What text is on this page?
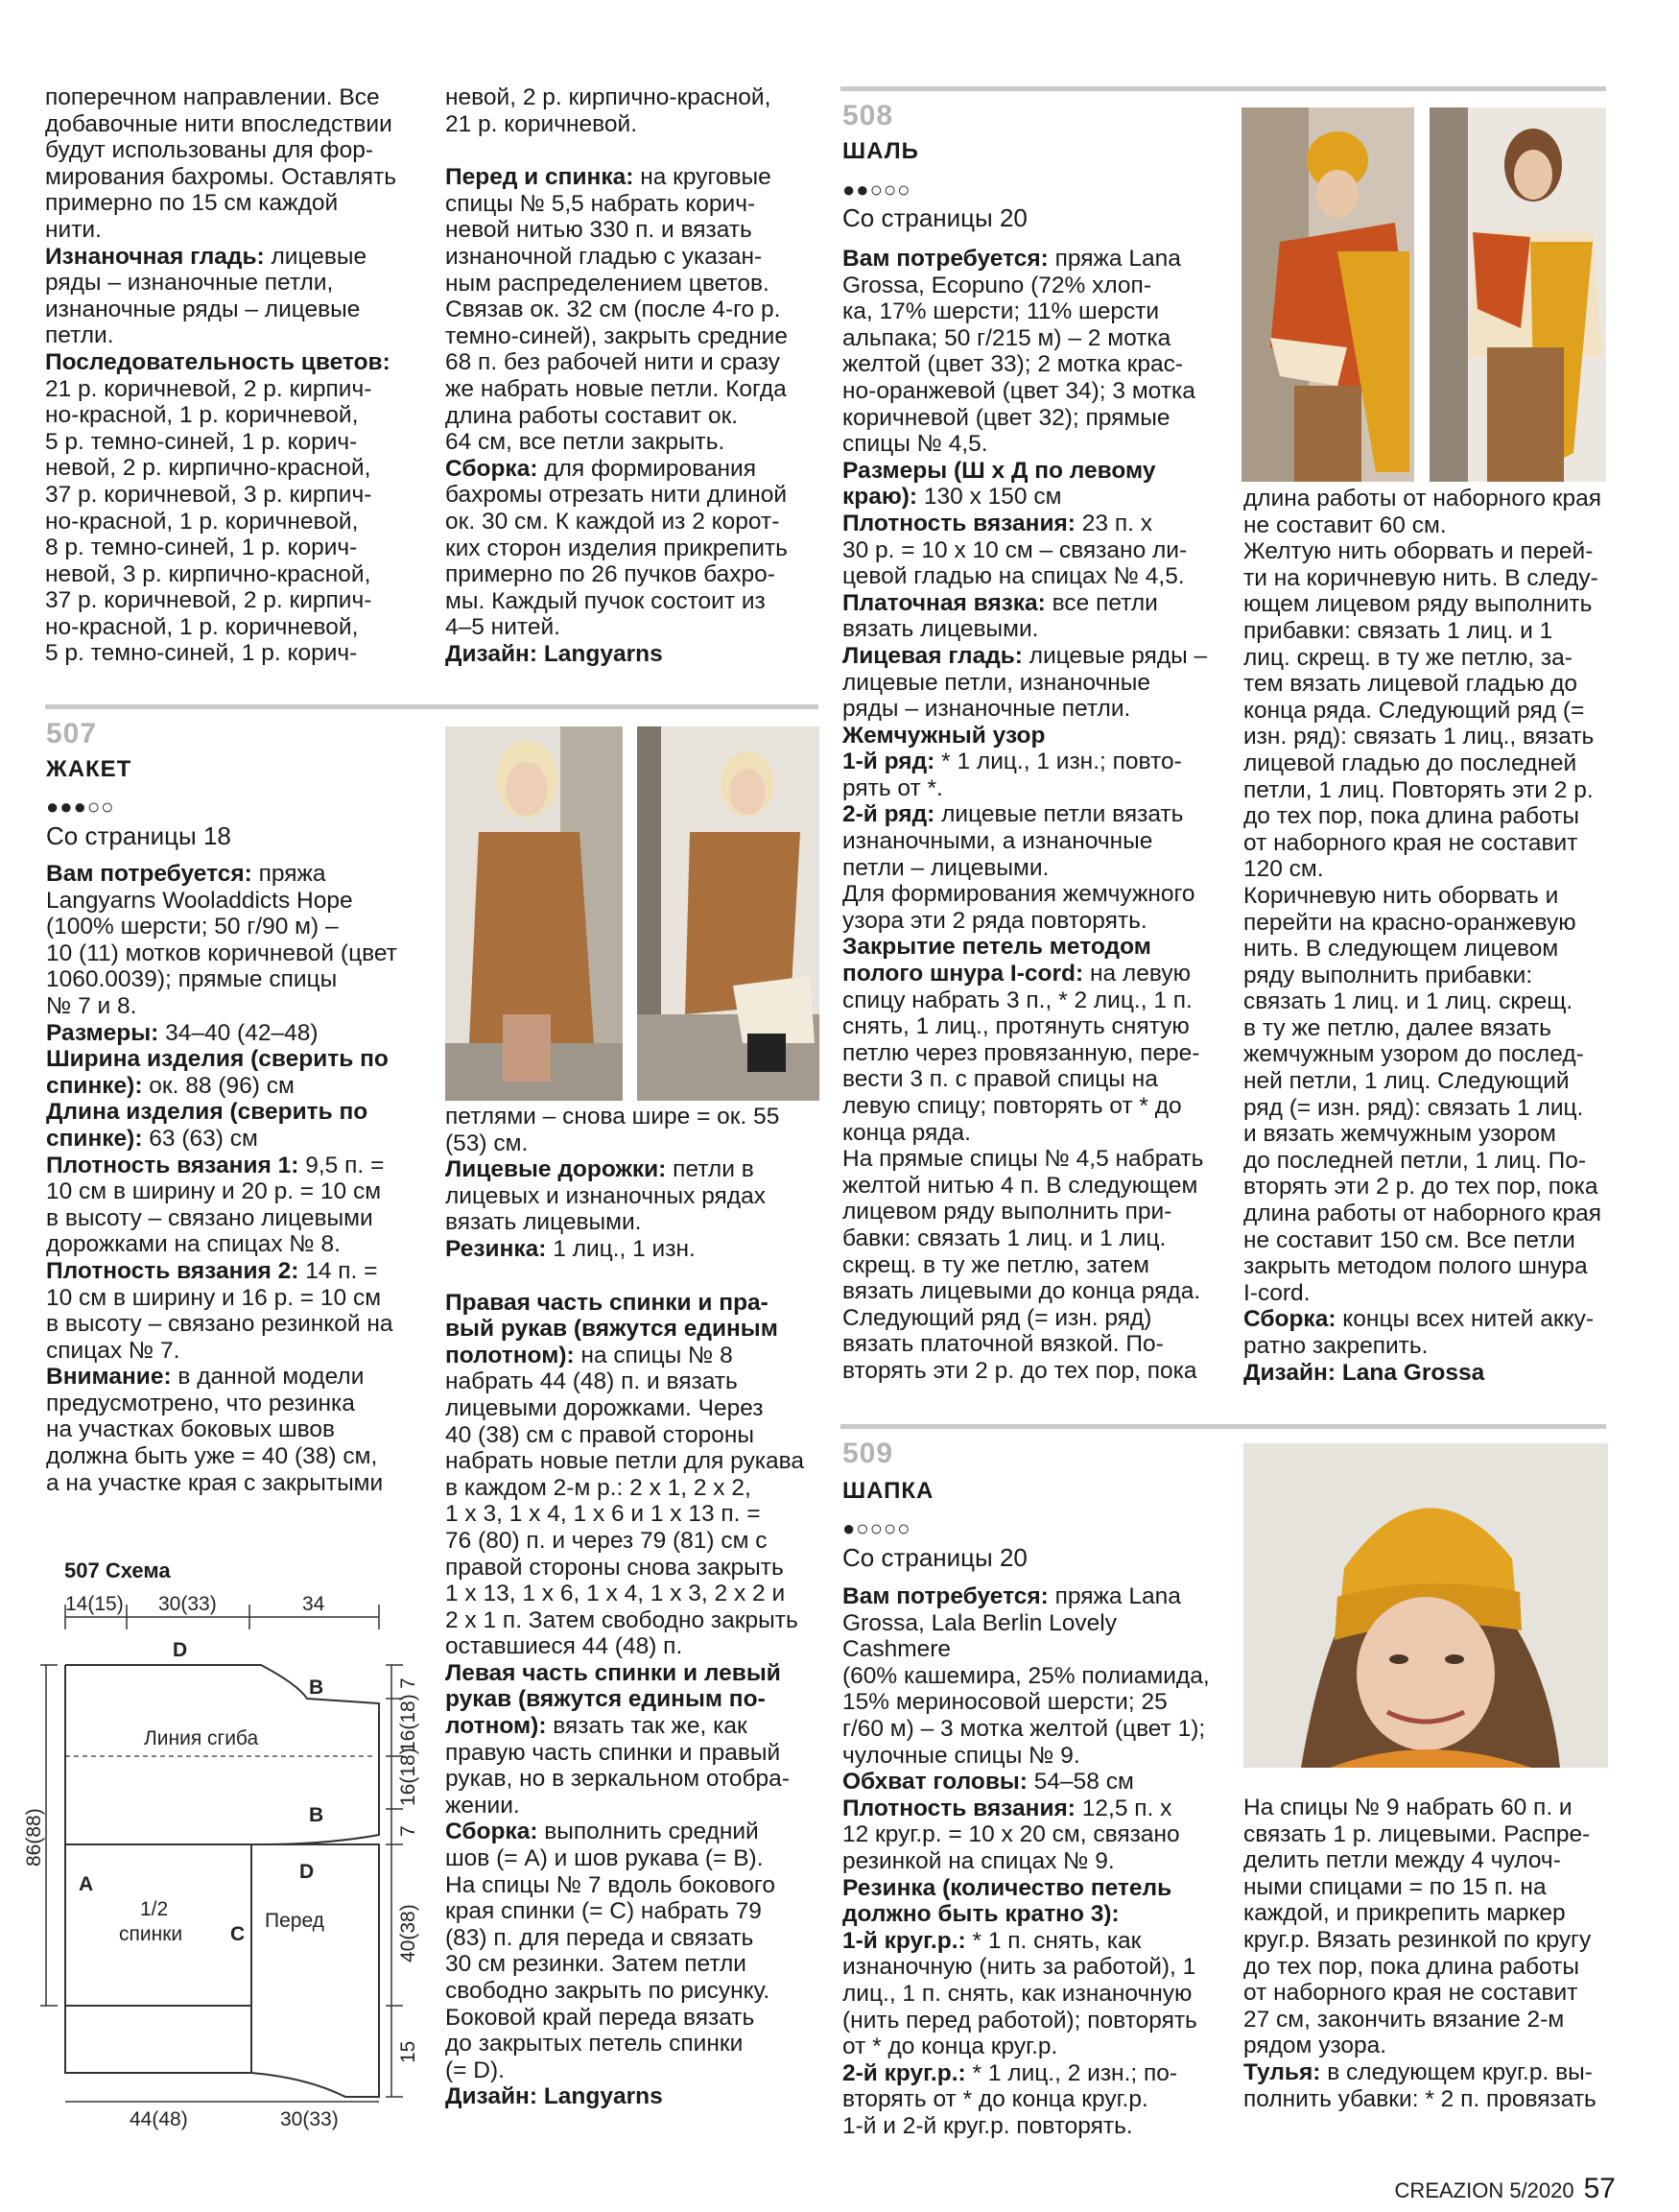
поперечном направлении. Все
добавочные нити впоследствии
будут использованы для фор-
мирования бахромы. Оставлять
примерно по 15 см каждой
нити.

Изнаночная гладь: лицевые
ряды – изнаночные петли,
изнаночные ряды – лицевые
петли.

Последовательность цветов:
21 р. коричневой, 2 р. кирпич-
но-красной, 1 р. коричневой,
5 р. темно-синей, 1 р. корич-
невой, 2 р. кирпично-красной,
37 р. коричневой, 3 р. кирпич-
но-красной, 1 р. коричневой,
8 р. темно-синей, 1 р. корич-
невой, 3 р. кирпично-красной,
37 р. коричневой, 2 р. кирпич-
но-красной, 1 р. коричневой,
5 р. темно-синей, 1 р. корич-

невой, 2 р. кирпично-красной,
21 р. коричневой.

Перед и спинка: на круговые
спицы № 5,5 набрать корич-
невой нитью 330 п. и вязать
изнаночной гладью с указан-
ным распределением цветов.
Связав ок. 32 см (после 4-го р.
темно-синей), закрыть средние
68 п. без рабочей нити и сразу
же набрать новые петли. Когда
длина работы составит ок.
64 см, все петли закрыть.

Сборка: для формирования
бахромы отрезать нити длиной
ок. 30 см. К каждой из 2 корот-
ких сторон изделия прикрепить
примерно по 26 пучков бахро-
мы. Каждый пучок состоит из
4–5 нитей.

Дизайн: Langyarns

508
ШАЛЬ
●●○○○
Со страницы 20

Вам потребуется: пряжа Lana
Grossa, Ecopuno (72% хлоп-
ка, 17% шерсти; 11% шерсти
альпака; 50 г/215 м) – 2 мотка
желтой (цвет 33); 2 мотка крас-
но-оранжевой (цвет 34); 3 мотка
коричневой (цвет 32); прямые
спицы № 4,5.

Размеры (Ш x Д по левому
краю): 130 x 150 см

Плотность вязания: 23 п. x
30 р. = 10 x 10 см – связано ли-
цевой гладью на спицах № 4,5.

Платочная вязка: все петли
вязать лицевыми.

Лицевая гладь: лицевые ряды –
лицевые петли, изнаночные
ряды – изнаночные петли.

Жемчужный узор

1-й ряд: * 1 лиц., 1 изн.; повто-
рять от *.

2-й ряд: лицевые петли вязать
изнаночными, а изнаночные
петли – лицевыми.

Для формирования жемчужного
узора эти 2 ряда повторять.

Закрытие петель методом
полого шнура I-cord: на левую
спицу набрать 3 п., * 2 лиц., 1 п.
снять, 1 лиц., протянуть снятую
петлю через провязанную, пере-
вести 3 п. с правой спицы на
левую спицу; повторять от * до
конца ряда.

На прямые спицы № 4,5 набрать
желтой нитью 4 п. В следующем
лицевом ряду выполнить при-
бавки: связать 1 лиц. и 1 лиц.
скрещ. в ту же петлю, затем
вязать лицевыми до конца ряда.
Следующий ряд (= изн. ряд)
вязать платочной вязкой. По-
вторять эти 2 р. до тех пор, пока

длина работы от наборного края
не составит 60 см.
Желтую нить оборвать и перей-
ти на коричневую нить. В следу-
ющем лицевом ряду выполнить
прибавки: связать 1 лиц. и 1
лиц. скрещ. в ту же петлю, за-
тем вязать лицевой гладью до
конца ряда. Следующий ряд (=
изн. ряд): связать 1 лиц., вязать
лицевой гладью до последней
петли, 1 лиц. Повторять эти 2 р.
до тех пор, пока длина работы
от наборного края не составит
120 см.
Коричневую нить оборвать и
перейти на красно-оранжевую
нить. В следующем лицевом
ряду выполнить прибавки:
связать 1 лиц. и 1 лиц. скрещ.
в ту же петлю, далее вязать
жемчужным узором до послед-
ней петли, 1 лиц. Следующий
ряд (= изн. ряд): связать 1 лиц.
и вязать жемчужным узором
до последней петли, 1 лиц. По-
вторять эти 2 р. до тех пор, пока
длина работы от наборного края
не составит 150 см. Все петли
закрыть методом полого шнура
I-cord.

Сборка: концы всех нитей акку-
ратно закрепить.

Дизайн: Lana Grossa

507
ЖАКЕТ
●●●○○
Со страницы 18

Вам потребуется: пряжа
Langyarns Wooladdicts Hope
(100% шерсти; 50 г/90 м) –
10 (11) мотков коричневой (цвет
1060.0039); прямые спицы
№ 7 и 8.

Размеры: 34–40 (42–48)

Ширина изделия (сверить по
спинке): ок. 88 (96) см

Длина изделия (сверить по
спинке): 63 (63) см

Плотность вязания 1: 9,5 п. =
10 см в ширину и 20 р. = 10 см
в высоту – связано лицевыми
дорожками на спицах № 8.

Плотность вязания 2: 14 п. =
10 см в ширину и 16 р. = 10 см
в высоту – связано резинкой на
спицах № 7.

Внимание: в данной модели
предусмотрено, что резинка
на участках боковых швов
должна быть уже = 40 (38) см,
а на участке края с закрытыми

петлями – снова шире = ок. 55
(53) см.

Лицевые дорожки: петли в
лицевых и изнаночных рядах
вязать лицевыми.

Резинка: 1 лиц., 1 изн.

Правая часть спинки и пра-
вый рукав (вяжутся единым
полотном): на спицы № 8
набрать 44 (48) п. и вязать
лицевыми дорожками. Через
40 (38) см с правой стороны
набрать новые петли для рукава
в каждом 2-м р.: 2 x 1, 2 x 2,
1 x 3, 1 x 4, 1 x 6 и 1 x 13 п. =
76 (80) п. и через 79 (81) см с
правой стороны снова закрыть
1 x 13, 1 x 6, 1 x 4, 1 x 3, 2 x 2 и
2 x 1 п. Затем свободно закрыть
оставшиеся 44 (48) п.

Левая часть спинки и левый
рукав (вяжутся единым по-
лотном): вязать так же, как
правую часть спинки и правый
рукав, но в зеркальном отобра-
жении.

Сборка: выполнить средний
шов (= А) и шов рукава (= В).
На спицы № 7 вдоль бокового
края спинки (= С) набрать 79
(83) п. для переда и связать
30 см резинки. Затем петли
свободно закрыть по рисунку.
Боковой край переда вязать
до закрытых петель спинки
(= D).

Дизайн: Langyarns

507 Схема
14(15) 30(33)	34
D
B
Линия сгиба
B
A
1/2
спинки C
D
Перед
86(88)
7
16(18)
16(18)
7
40(38)
15
44(48)	30(33)
509
ШАПКА
●○○○○
Со страницы 20

Вам потребуется: пряжа Lana
Grossa, Lala Berlin Lovely Cashmere
(60% кашемира, 25% полиамида,
15% мериносовой шерсти; 25
г/60 м) – 3 мотка желтой (цвет 1);
чулочные спицы № 9.

Обхват головы: 54–58 см

Плотность вязания: 12,5 п. x
12 круг.р. = 10 x 20 см, связано
резинкой на спицах № 9.

Резинка (количество петель
должно быть кратно 3):

1-й круг.р.: * 1 п. снять, как
изнаночную (нить за работой), 1
лиц., 1 п. снять, как изнаночную
(нить перед работой); повторять
от * до конца круг.р.

2-й круг.р.: * 1 лиц., 2 изн.; по-
вторять от * до конца круг.р.
1-й и 2-й круг.р. повторять.

На спицы № 9 набрать 60 п. и
связать 1 р. лицевыми. Распре-
делить петли между 4 чулоч-
ными спицами = по 15 п. на
каждой, и прикрепить маркер
круг.р. Вязать резинкой по кругу
до тех пор, пока длина работы
от наборного края не составит
27 см, закончить вязание 2-м
рядом узора.

Тулья: в следующем круг.р. вы-
полнить убавки: * 2 п. провязать

CREAZION 5/2020 57
